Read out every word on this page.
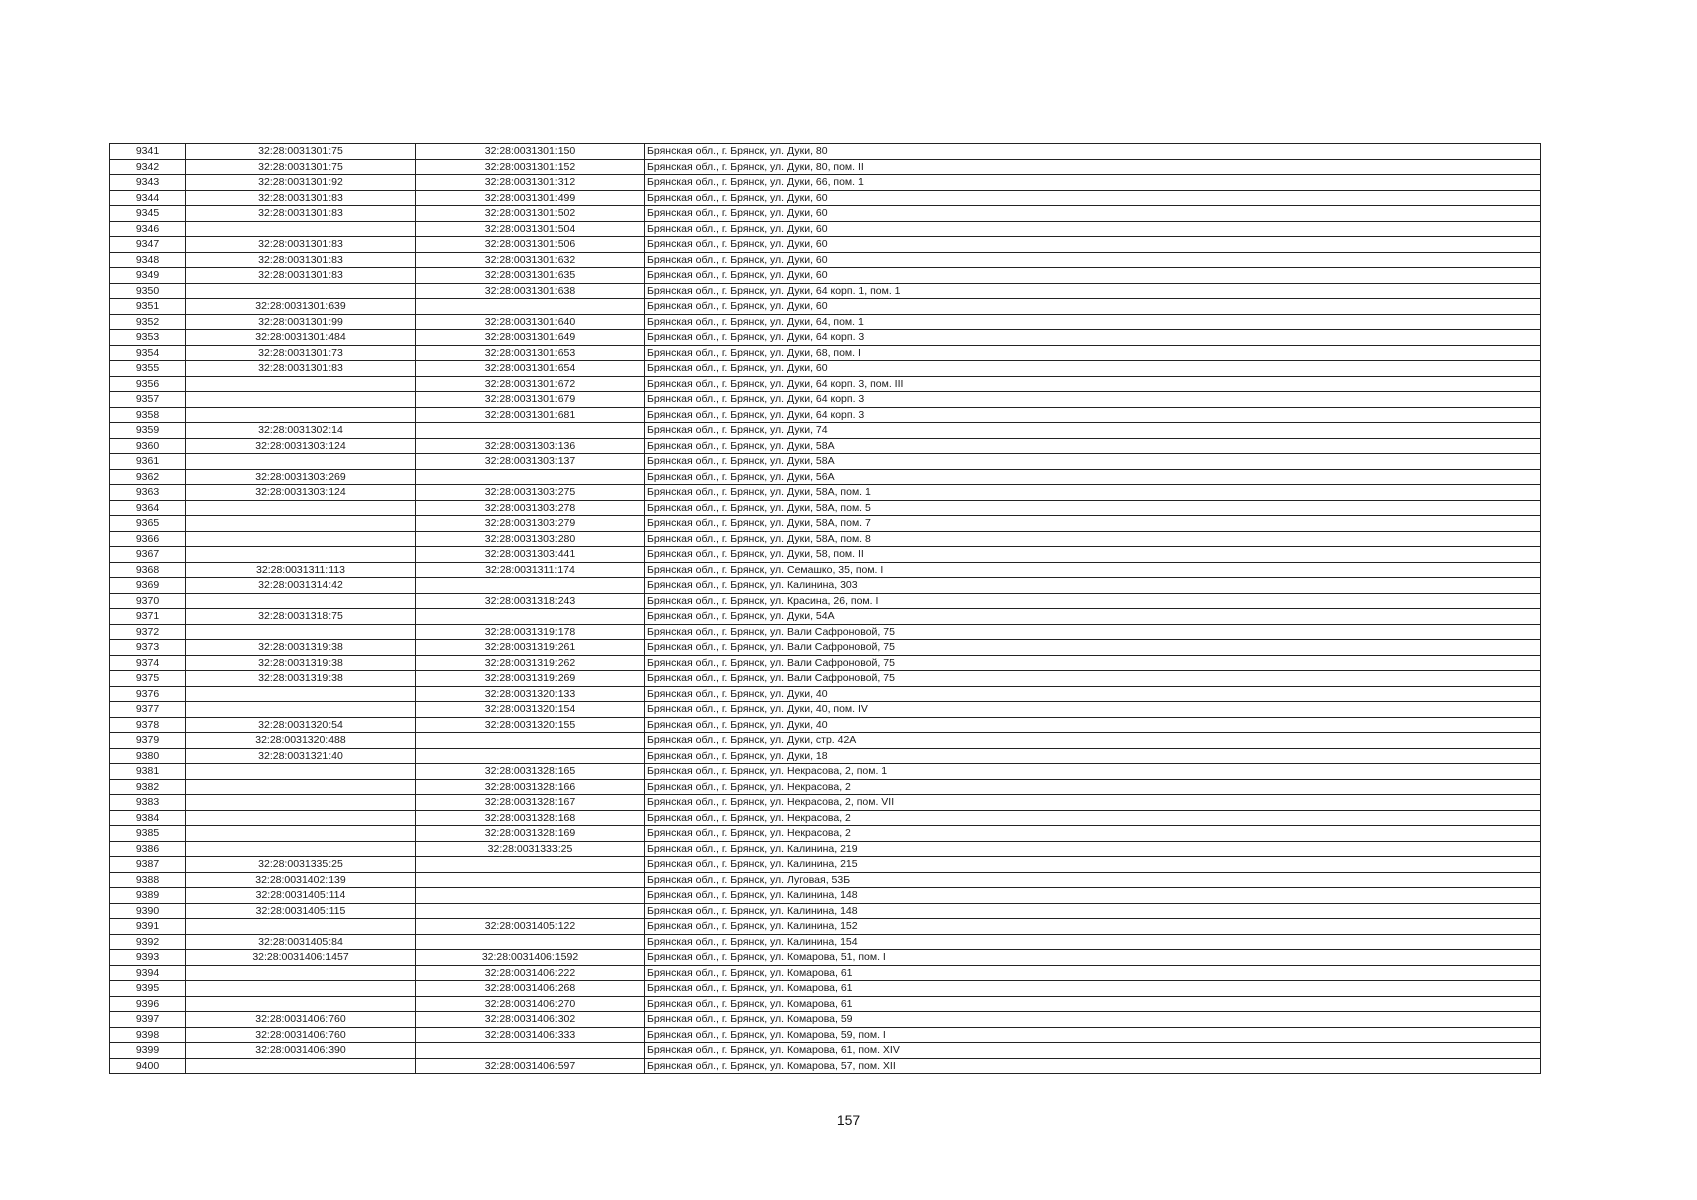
9341	32:28:0031301:75	32:28:0031301:150	Брянская обл., г. Брянск, ул. Дуки, 80
9342	32:28:0031301:75	32:28:0031301:152	Брянская обл., г. Брянск, ул. Дуки, 80, пом. II
9343	32:28:0031301:92	32:28:0031301:312	Брянская обл., г. Брянск, ул. Дуки, 66, пом. 1
9344	32:28:0031301:83	32:28:0031301:499	Брянская обл., г. Брянск, ул. Дуки, 60
9345	32:28:0031301:83	32:28:0031301:502	Брянская обл., г. Брянск, ул. Дуки, 60
9346		32:28:0031301:504	Брянская обл., г. Брянск, ул. Дуки, 60
9347	32:28:0031301:83	32:28:0031301:506	Брянская обл., г. Брянск, ул. Дуки, 60
9348	32:28:0031301:83	32:28:0031301:632	Брянская обл., г. Брянск, ул. Дуки, 60
9349	32:28:0031301:83	32:28:0031301:635	Брянская обл., г. Брянск, ул. Дуки, 60
9350		32:28:0031301:638	Брянская обл., г. Брянск, ул. Дуки, 64 корп. 1, пом. 1
9351	32:28:0031301:639		Брянская обл., г. Брянск, ул. Дуки, 60
9352	32:28:0031301:99	32:28:0031301:640	Брянская обл., г. Брянск, ул. Дуки, 64, пом. 1
9353	32:28:0031301:484	32:28:0031301:649	Брянская обл., г. Брянск, ул. Дуки, 64 корп. 3
9354	32:28:0031301:73	32:28:0031301:653	Брянская обл., г. Брянск, ул. Дуки, 68, пом. I
9355	32:28:0031301:83	32:28:0031301:654	Брянская обл., г. Брянск, ул. Дуки, 60
9356		32:28:0031301:672	Брянская обл., г. Брянск, ул. Дуки, 64 корп. 3, пом. III
9357		32:28:0031301:679	Брянская обл., г. Брянск, ул. Дуки, 64 корп. 3
9358		32:28:0031301:681	Брянская обл., г. Брянск, ул. Дуки, 64 корп. 3
9359	32:28:0031302:14		Брянская обл., г. Брянск, ул. Дуки, 74
9360	32:28:0031303:124	32:28:0031303:136	Брянская обл., г. Брянск, ул. Дуки, 58А
9361		32:28:0031303:137	Брянская обл., г. Брянск, ул. Дуки, 58А
9362	32:28:0031303:269		Брянская обл., г. Брянск, ул. Дуки, 56А
9363	32:28:0031303:124	32:28:0031303:275	Брянская обл., г. Брянск, ул. Дуки, 58А, пом. 1
9364		32:28:0031303:278	Брянская обл., г. Брянск, ул. Дуки, 58А, пом. 5
9365		32:28:0031303:279	Брянская обл., г. Брянск, ул. Дуки, 58А, пом. 7
9366		32:28:0031303:280	Брянская обл., г. Брянск, ул. Дуки, 58А, пом. 8
9367		32:28:0031303:441	Брянская обл., г. Брянск, ул. Дуки, 58, пом. II
9368	32:28:0031311:113	32:28:0031311:174	Брянская обл., г. Брянск, ул. Семашко, 35, пом. I
9369	32:28:0031314:42		Брянская обл., г. Брянск, ул. Калинина, 303
9370		32:28:0031318:243	Брянская обл., г. Брянск, ул. Красина, 26, пом. I
9371	32:28:0031318:75		Брянская обл., г. Брянск, ул. Дуки, 54А
9372		32:28:0031319:178	Брянская обл., г. Брянск, ул. Вали Сафроновой, 75
9373	32:28:0031319:38	32:28:0031319:261	Брянская обл., г. Брянск, ул. Вали Сафроновой, 75
9374	32:28:0031319:38	32:28:0031319:262	Брянская обл., г. Брянск, ул. Вали Сафроновой, 75
9375	32:28:0031319:38	32:28:0031319:269	Брянская обл., г. Брянск, ул. Вали Сафроновой, 75
9376		32:28:0031320:133	Брянская обл., г. Брянск, ул. Дуки, 40
9377		32:28:0031320:154	Брянская обл., г. Брянск, ул. Дуки, 40, пом. IV
9378	32:28:0031320:54	32:28:0031320:155	Брянская обл., г. Брянск, ул. Дуки, 40
9379	32:28:0031320:488		Брянская обл., г. Брянск, ул. Дуки, стр. 42А
9380	32:28:0031321:40		Брянская обл., г. Брянск, ул. Дуки, 18
9381		32:28:0031328:165	Брянская обл., г. Брянск, ул. Некрасова, 2, пом. 1
9382		32:28:0031328:166	Брянская обл., г. Брянск, ул. Некрасова, 2
9383		32:28:0031328:167	Брянская обл., г. Брянск, ул. Некрасова, 2, пом. VII
9384		32:28:0031328:168	Брянская обл., г. Брянск, ул. Некрасова, 2
9385		32:28:0031328:169	Брянская обл., г. Брянск, ул. Некрасова, 2
9386		32:28:0031333:25	Брянская обл., г. Брянск, ул. Калинина, 219
9387	32:28:0031335:25		Брянская обл., г. Брянск, ул. Калинина, 215
9388	32:28:0031402:139		Брянская обл., г. Брянск, ул. Луговая, 53Б
9389	32:28:0031405:114		Брянская обл., г. Брянск, ул. Калинина, 148
9390	32:28:0031405:115		Брянская обл., г. Брянск, ул. Калинина, 148
9391		32:28:0031405:122	Брянская обл., г. Брянск, ул. Калинина, 152
9392	32:28:0031405:84		Брянская обл., г. Брянск, ул. Калинина, 154
9393	32:28:0031406:1457	32:28:0031406:1592	Брянская обл., г. Брянск, ул. Комарова, 51, пом. I
9394		32:28:0031406:222	Брянская обл., г. Брянск, ул. Комарова, 61
9395		32:28:0031406:268	Брянская обл., г. Брянск, ул. Комарова, 61
9396		32:28:0031406:270	Брянская обл., г. Брянск, ул. Комарова, 61
9397	32:28:0031406:760	32:28:0031406:302	Брянская обл., г. Брянск, ул. Комарова, 59
9398	32:28:0031406:760	32:28:0031406:333	Брянская обл., г. Брянск, ул. Комарова, 59, пом. I
9399	32:28:0031406:390		Брянская обл., г. Брянск, ул. Комарова, 61, пом. XIV
9400		32:28:0031406:597	Брянская обл., г. Брянск, ул. Комарова, 57, пом. XII
157
